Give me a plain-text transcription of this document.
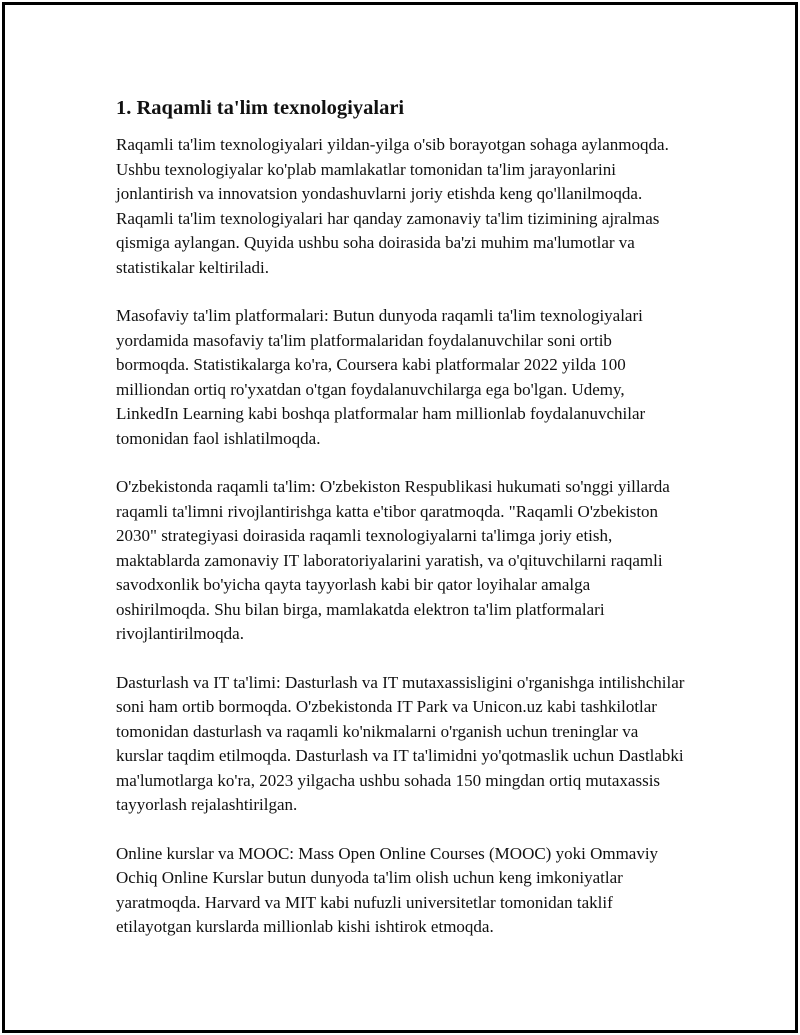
1. Raqamli ta'lim texnologiyalari

Raqamli ta'lim texnologiyalari yildan-yilga o'sib borayotgan sohaga aylanmoqda. Ushbu texnologiyalar ko'plab mamlakatlar tomonidan ta'lim jarayonlarini jonlantirish va innovatsion yondashuvlarni joriy etishda keng qo'llanilmoqda. Raqamli ta'lim texnologiyalari har qanday zamonaviy ta'lim tizimining ajralmas qismiga aylangan. Quyida ushbu soha doirasida ba'zi muhim ma'lumotlar va statistikalar keltiriladi.

Masofaviy ta'lim platformalari: Butun dunyoda raqamli ta'lim texnologiyalari yordamida masofaviy ta'lim platformalaridan foydalanuvchilar soni ortib bormoqda. Statistikalarga ko'ra, Coursera kabi platformalar 2022 yilda 100 milliondan ortiq ro'yxatdan o'tgan foydalanuvchilarga ega bo'lgan. Udemy, LinkedIn Learning kabi boshqa platformalar ham millionlab foydalanuvchilar tomonidan faol ishlatilmoqda.

O'zbekistonda raqamli ta'lim: O'zbekiston Respublikasi hukumati so'nggi yillarda raqamli ta'limni rivojlantirishga katta e'tibor qaratmoqda. "Raqamli O'zbekiston 2030" strategiyasi doirasida raqamli texnologiyalarni ta'limga joriy etish, maktablarda zamonaviy IT laboratoriyalarini yaratish, va o'qituvchilarni raqamli savodxonlik bo'yicha qayta tayyorlash kabi bir qator loyihalar amalga oshirilmoqda. Shu bilan birga, mamlakatda elektron ta'lim platformalari rivojlantirilmoqda.

Dasturlash va IT ta'limi: Dasturlash va IT mutaxassisligini o'rganishga intilishchilar soni ham ortib bormoqda. O'zbekistonda IT Park va Unicon.uz kabi tashkilotlar tomonidan dasturlash va raqamli ko'nikmalarni o'rganish uchun treninglar va kurslar taqdim etilmoqda. Dasturlash va IT ta'limidni yo'qotmaslik uchun Dastlabki ma'lumotlarga ko'ra, 2023 yilgacha ushbu sohada 150 mingdan ortiq mutaxassis tayyorlash rejalashtirilgan.

Online kurslar va MOOC: Mass Open Online Courses (MOOC) yoki Ommaviy Ochiq Online Kurslar butun dunyoda ta'lim olish uchun keng imkoniyatlar yaratmoqda. Harvard va MIT kabi nufuzli universitetlar tomonidan taklif etilayotgan kurslarda millionlab kishi ishtirok etmoqda.
